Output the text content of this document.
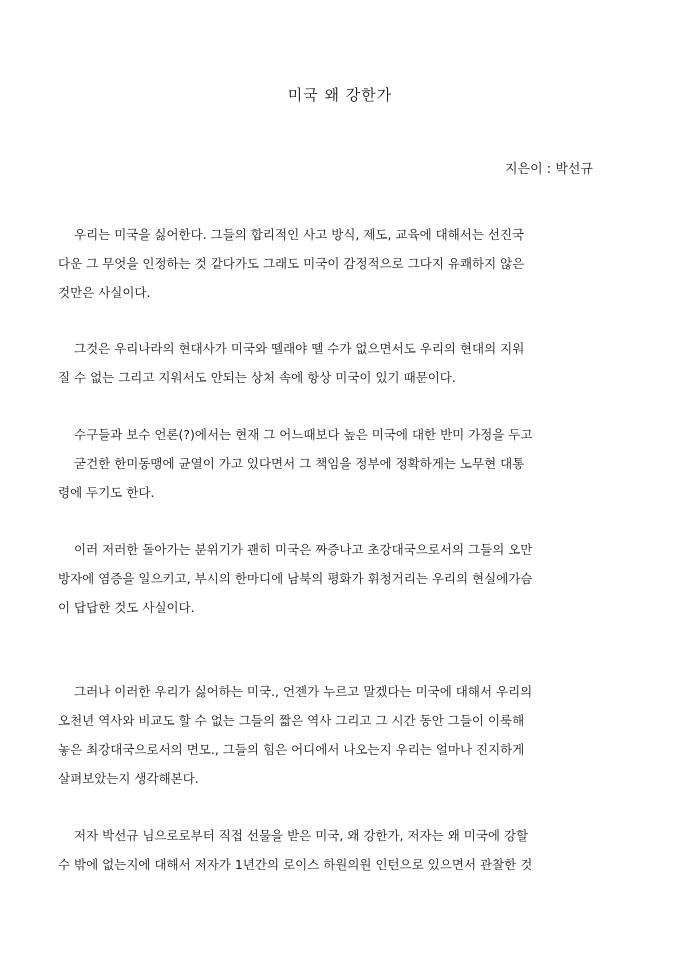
미국 왜 강한가
지은이 : 박선규
우리는 미국을 싫어한다. 그들의 합리적인 사고 방식, 제도, 교육에 대해서는 선진국
다운 그 무엇을 인정하는 것 같다가도 그래도 미국이 감정적으로 그다지 유쾌하지 않은
것만은 사실이다.
그것은 우리나라의 현대사가 미국와 뗄래야 뗄 수가 없으면서도 우리의 현대의 지워
질 수 없는 그리고 지워서도 안되는 상처 속에 항상 미국이 있기 때문이다.
수구들과 보수 언론(?)에서는 현재 그 어느때보다 높은 미국에 대한 반미 가정을 두고
굳건한 한미동맹에 균열이 가고 있다면서 그 책임을 정부에 정확하게는 노무현 대통
령에 두기도 한다.
이러 저러한 돌아가는 분위기가 괜히 미국은 짜증나고 초강대국으로서의 그들의 오만
방자에 염증을 일으키고, 부시의 한마디에 남북의 평화가 휘청거리는 우리의 현실에가슴
이 답답한 것도 사실이다.
그러나 이러한 우리가 싫어하는 미국., 언젠가 누르고 말겠다는 미국에 대해서 우리의
오천년 역사와 비교도 할 수 없는 그들의 짧은 역사 그리고 그 시간 동안 그들이 이룩해
놓은 최강대국으로서의 면모., 그들의 힘은 어디에서 나오는지 우리는 얼마나 진지하게
살펴보았는지 생각해본다.
저자 박선규 님으로로부터 직접 선물을 받은 미국, 왜 강한가, 저자는 왜 미국에 강할
수 밖에 없는지에 대해서 저자가 1년간의 로이스 하원의원 인턴으로 있으면서 관찰한 것
